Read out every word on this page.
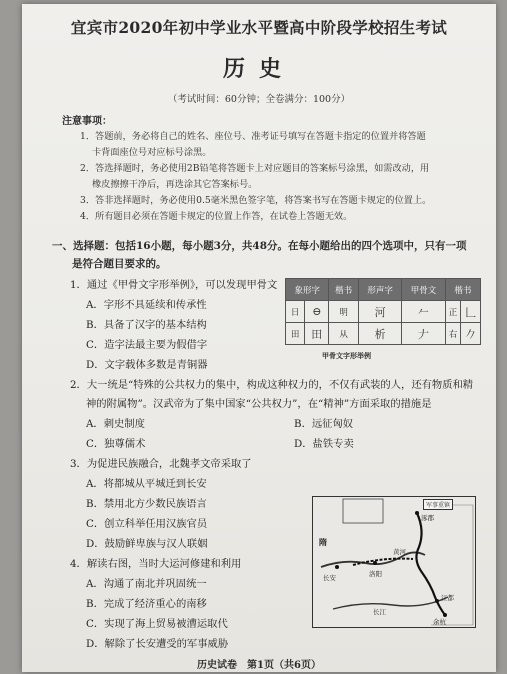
宜宾市2020年初中学业水平暨高中阶段学校招生考试
历史
（考试时间：60分钟；全卷满分：100分）
注意事项：
1．答题前，务必将自己的姓名、座位号、准考证号填写在答题卡指定的位置并将答题
卡背面座位号对应标号涂黑。
2．答选择题时，务必使用2B铅笔将答题卡上对应题目的答案标号涂黑，如需改动，用
橡皮擦擦干净后，再选涂其它答案标号。
3．答非选择题时，务必使用0.5毫米黑色签字笔，将答案书写在答题卡规定的位置上。
4．所有题目必须在答题卡规定的位置上作答，在试卷上答题无效。
一、选择题：包括16小题，每小题3分，共48分。在每小题给出的四个选项中，只有一项
是符合题目要求的。
1．通过《甲骨文字形举例》，可以发现甲骨文
A．字形不具延续和传承性
B．具备了汉字的基本结构
C．造字法最主要为假借字
D．文字载体多数是青铜器
象形字		楷书	形声字	甲骨文	楷书	
日	⊖	明	河	𠂉	正	𠃊
田	田	从	析	𠂇	右	𠂊
甲骨文字形举例
2．大一统是“特殊的公共权力的集中，构成这种权力的，不仅有武装的人，还有物质和精
神的附属物”。汉武帝为了集中国家“公共权力”，在“精神”方面采取的措施是
A．刺史制度	B．远征匈奴
C．独尊儒术	D．盐铁专卖
3．为促进民族融合，北魏孝文帝采取了
A．将都城从平城迁到长安
B．禁用北方少数民族语言
C．创立科举任用汉族官员
D．鼓励鲜卑族与汉人联姻
4．解读右图，当时大运河修建和利用
A．沟通了南北并巩固统一
B．完成了经济重心的南移
C．实现了海上贸易被漕运取代
军事重镇
涿郡
洛阳
长安
余杭
江都
黄河
长江
隋
D．解除了长安遭受的军事威胁
历史试卷　第1页（共6页）
